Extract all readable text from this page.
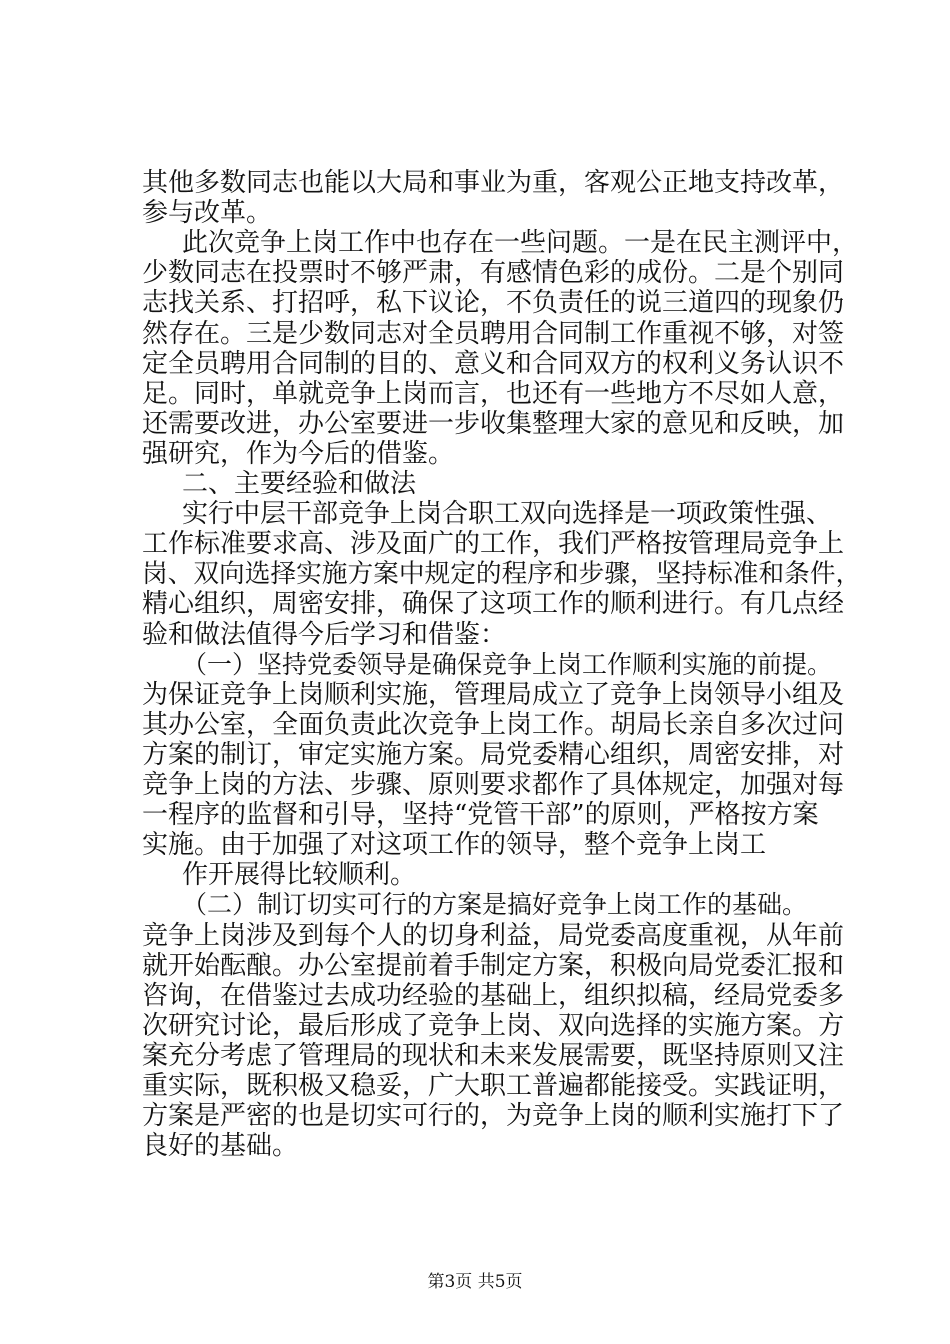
其他多数同志也能以大局和事业为重，客观公正地支持改革，
参与改革。
此次竞争上岗工作中也存在一些问题。一是在民主测评中，
少数同志在投票时不够严肃，有感情色彩的成份。二是个别同
志找关系、打招呼，私下议论，不负责任的说三道四的现象仍
然存在。三是少数同志对全员聘用合同制工作重视不够，对签
定全员聘用合同制的目的、意义和合同双方的权利义务认识不
足。同时，单就竞争上岗而言，也还有一些地方不尽如人意，
还需要改进，办公室要进一步收集整理大家的意见和反映，加
强研究，作为今后的借鉴。
二、主要经验和做法
实行中层干部竞争上岗合职工双向选择是一项政策性强、
工作标准要求高、涉及面广的工作，我们严格按管理局竞争上
岗、双向选择实施方案中规定的程序和步骤，坚持标准和条件，
精心组织，周密安排，确保了这项工作的顺利进行。有几点经
验和做法值得今后学习和借鉴：
（一）坚持党委领导是确保竞争上岗工作顺利实施的前提。
为保证竞争上岗顺利实施，管理局成立了竞争上岗领导小组及
其办公室，全面负责此次竞争上岗工作。胡局长亲自多次过问
方案的制订，审定实施方案。局党委精心组织，周密安排，对
竞争上岗的方法、步骤、原则要求都作了具体规定，加强对每
一程序的监督和引导，坚持“党管干部”的原则，严格按方案
实施。由于加强了对这项工作的领导，整个竞争上岗工
作开展得比较顺利。
（二）制订切实可行的方案是搞好竞争上岗工作的基础。
竞争上岗涉及到每个人的切身利益，局党委高度重视，从年前
就开始酝酿。办公室提前着手制定方案，积极向局党委汇报和
咨询，在借鉴过去成功经验的基础上，组织拟稿，经局党委多
次研究讨论，最后形成了竞争上岗、双向选择的实施方案。方
案充分考虑了管理局的现状和未来发展需要，既坚持原则又注
重实际，既积极又稳妥，广大职工普遍都能接受。实践证明，
方案是严密的也是切实可行的，为竞争上岗的顺利实施打下了
良好的基础。
第3页 共5页
